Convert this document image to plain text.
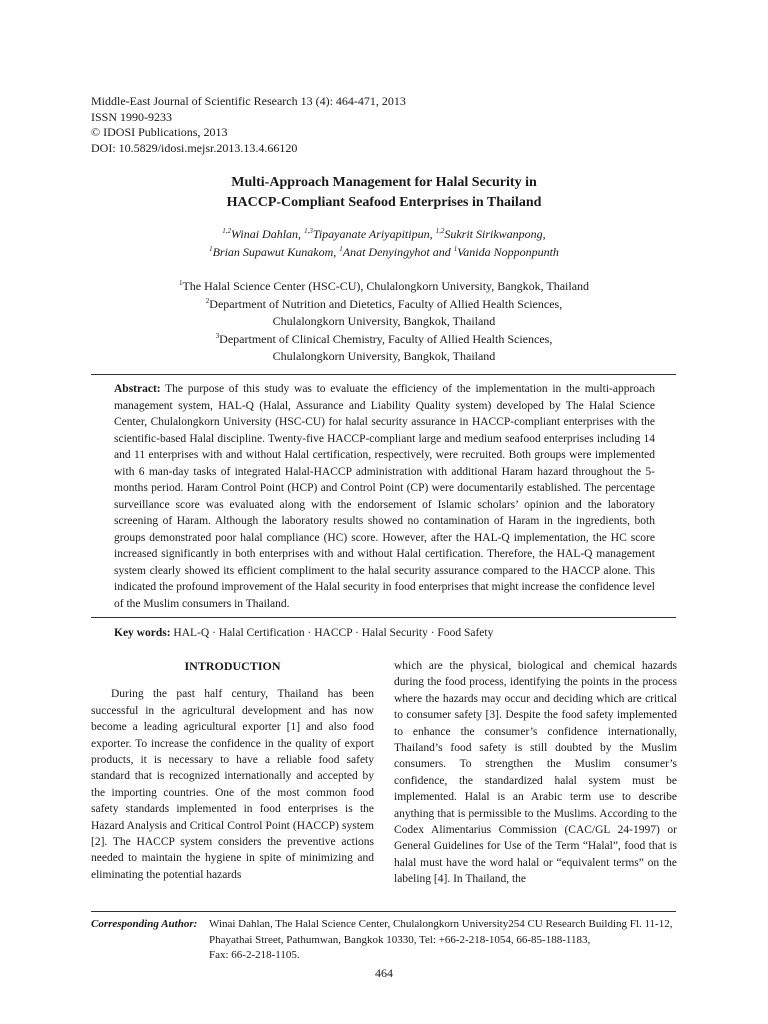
Middle-East Journal of Scientific Research 13 (4): 464-471, 2013
ISSN 1990-9233
© IDOSI Publications, 2013
DOI: 10.5829/idosi.mejsr.2013.13.4.66120
Multi-Approach Management for Halal Security in
HACCP-Compliant Seafood Enterprises in Thailand
$^{1,2}$Winai Dahlan, $^{1,3}$Tipayanate Ariyapitipun, $^{1,2}$Sukrit Sirikwanpong,
$^1$Brian Supawut Kunakom, $^1$Anat Denyingyhot and $^1$Vanida Nopponpunth
$^1$The Halal Science Center (HSC-CU), Chulalongkorn University, Bangkok, Thailand
$^2$Department of Nutrition and Dietetics, Faculty of Allied Health Sciences,
Chulalongkorn University, Bangkok, Thailand
$^3$Department of Clinical Chemistry, Faculty of Allied Health Sciences,
Chulalongkorn University, Bangkok, Thailand
Abstract: The purpose of this study was to evaluate the efficiency of the implementation in the multi-approach management system, HAL-Q (Halal, Assurance and Liability Quality system) developed by The Halal Science Center, Chulalongkorn University (HSC-CU) for halal security assurance in HACCP-compliant enterprises with the scientific-based Halal discipline. Twenty-five HACCP-compliant large and medium seafood enterprises including 14 and 11 enterprises with and without Halal certification, respectively, were recruited. Both groups were implemented with 6 man-day tasks of integrated Halal-HACCP administration with additional Haram hazard throughout the 5-months period. Haram Control Point (HCP) and Control Point (CP) were documentarily established. The percentage surveillance score was evaluated along with the endorsement of Islamic scholars’ opinion and the laboratory screening of Haram. Although the laboratory results showed no contamination of Haram in the ingredients, both groups demonstrated poor halal compliance (HC) score. However, after the HAL-Q implementation, the HC score increased significantly in both enterprises with and without Halal certification. Therefore, the HAL-Q management system clearly showed its efficient compliment to the halal security assurance compared to the HACCP alone. This indicated the profound improvement of the Halal security in food enterprises that might increase the confidence level of the Muslim consumers in Thailand.
Key words: HAL-Q · Halal Certification · HACCP · Halal Security · Food Safety
INTRODUCTION

During the past half century, Thailand has been successful in the agricultural development and has now become a leading agricultural exporter [1] and also food exporter. To increase the confidence in the quality of export products, it is necessary to have a reliable food safety standard that is recognized internationally and accepted by the importing countries. One of the most common food safety standards implemented in food enterprises is the Hazard Analysis and Critical Control Point (HACCP) system [2]. The HACCP system considers the preventive actions needed to maintain the hygiene in spite of minimizing and eliminating the potential hazards

which are the physical, biological and chemical hazards during the food process, identifying the points in the process where the hazards may occur and deciding which are critical to consumer safety [3]. Despite the food safety implemented to enhance the consumer’s confidence internationally, Thailand’s food safety is still doubted by the Muslim consumers. To strengthen the Muslim consumer’s confidence, the standardized halal system must be implemented. Halal is an Arabic term use to describe anything that is permissible to the Muslims. According to the Codex Alimentarius Commission (CAC/GL 24-1997) or General Guidelines for Use of the Term “Halal”, food that is halal must have the word halal or “equivalent terms” on the labeling [4]. In Thailand, the

Corresponding Author: Winai Dahlan, The Halal Science Center, Chulalongkorn University254 CU Research Building Fl. 11-12,
Phayathai Street, Pathumwan, Bangkok 10330, Tel: +66-2-218-1054, 66-85-188-1183,
Fax: 66-2-218-1105.
464
